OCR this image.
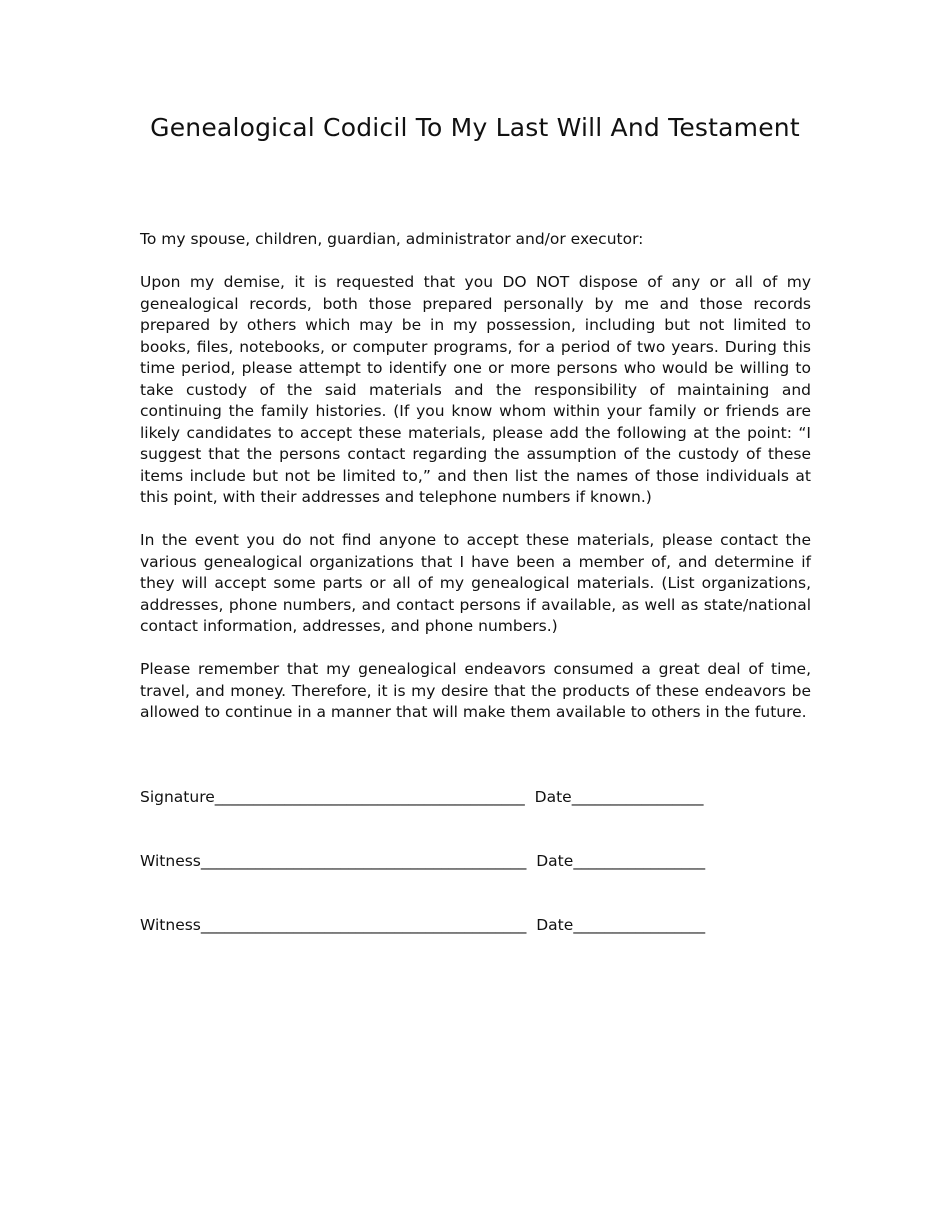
Genealogical Codicil To My Last Will And Testament

To my spouse, children, guardian, administrator and/or executor:

Upon my demise, it is requested that you DO NOT dispose of any or all of my genealogical records, both those prepared personally by me and those records prepared by others which may be in my possession, including but not limited to books, files, notebooks, or computer programs, for a period of two years. During this time period, please attempt to identify one or more persons who would be willing to take custody of the said materials and the responsibility of maintaining and continuing the family histories. (If you know whom within your family or friends are likely candidates to accept these materials, please add the following at the point: “I suggest that the persons contact regarding the assumption of the custody of these items include but not be limited to,” and then list the names of those individuals at this point, with their addresses and telephone numbers if known.)

In the event you do not find anyone to accept these materials, please contact the various genealogical organizations that I have been a member of, and determine if they will accept some parts or all of my genealogical materials. (List organizations, addresses, phone numbers, and contact persons if available, as well as state/national contact information, addresses, and phone numbers.)

Please remember that my genealogical endeavors consumed a great deal of time, travel, and money. Therefore, it is my desire that the products of these endeavors be allowed to continue in a manner that will make them available to others in the future.

Signature________________________________________ Date_________________
Witness__________________________________________ Date_________________
Witness__________________________________________ Date_________________
